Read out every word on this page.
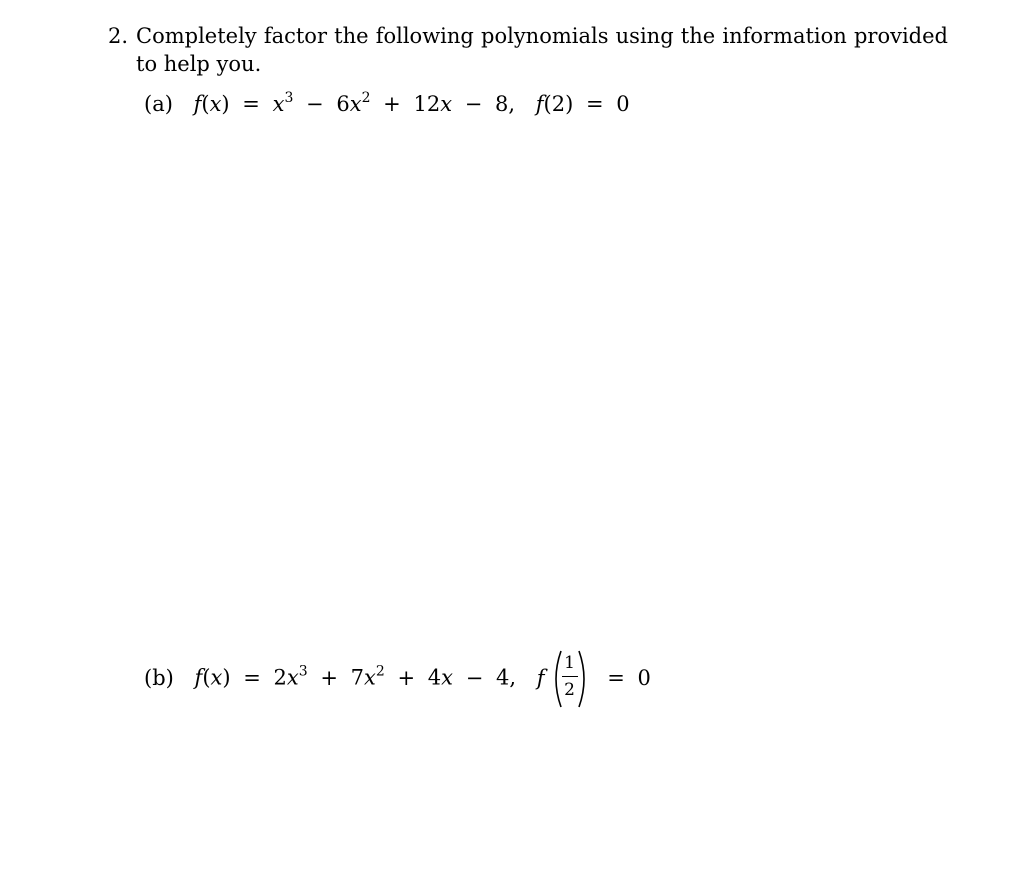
2. Completely factor the following polynomials using the information provided to help you.
(a) $f(x) = x^3 - 6x^2 + 12x - 8$, f(2) = 0
(b) $f(x) = 2x^3 + 7x^2 + 4x - 4$, f
1
2
= 0
